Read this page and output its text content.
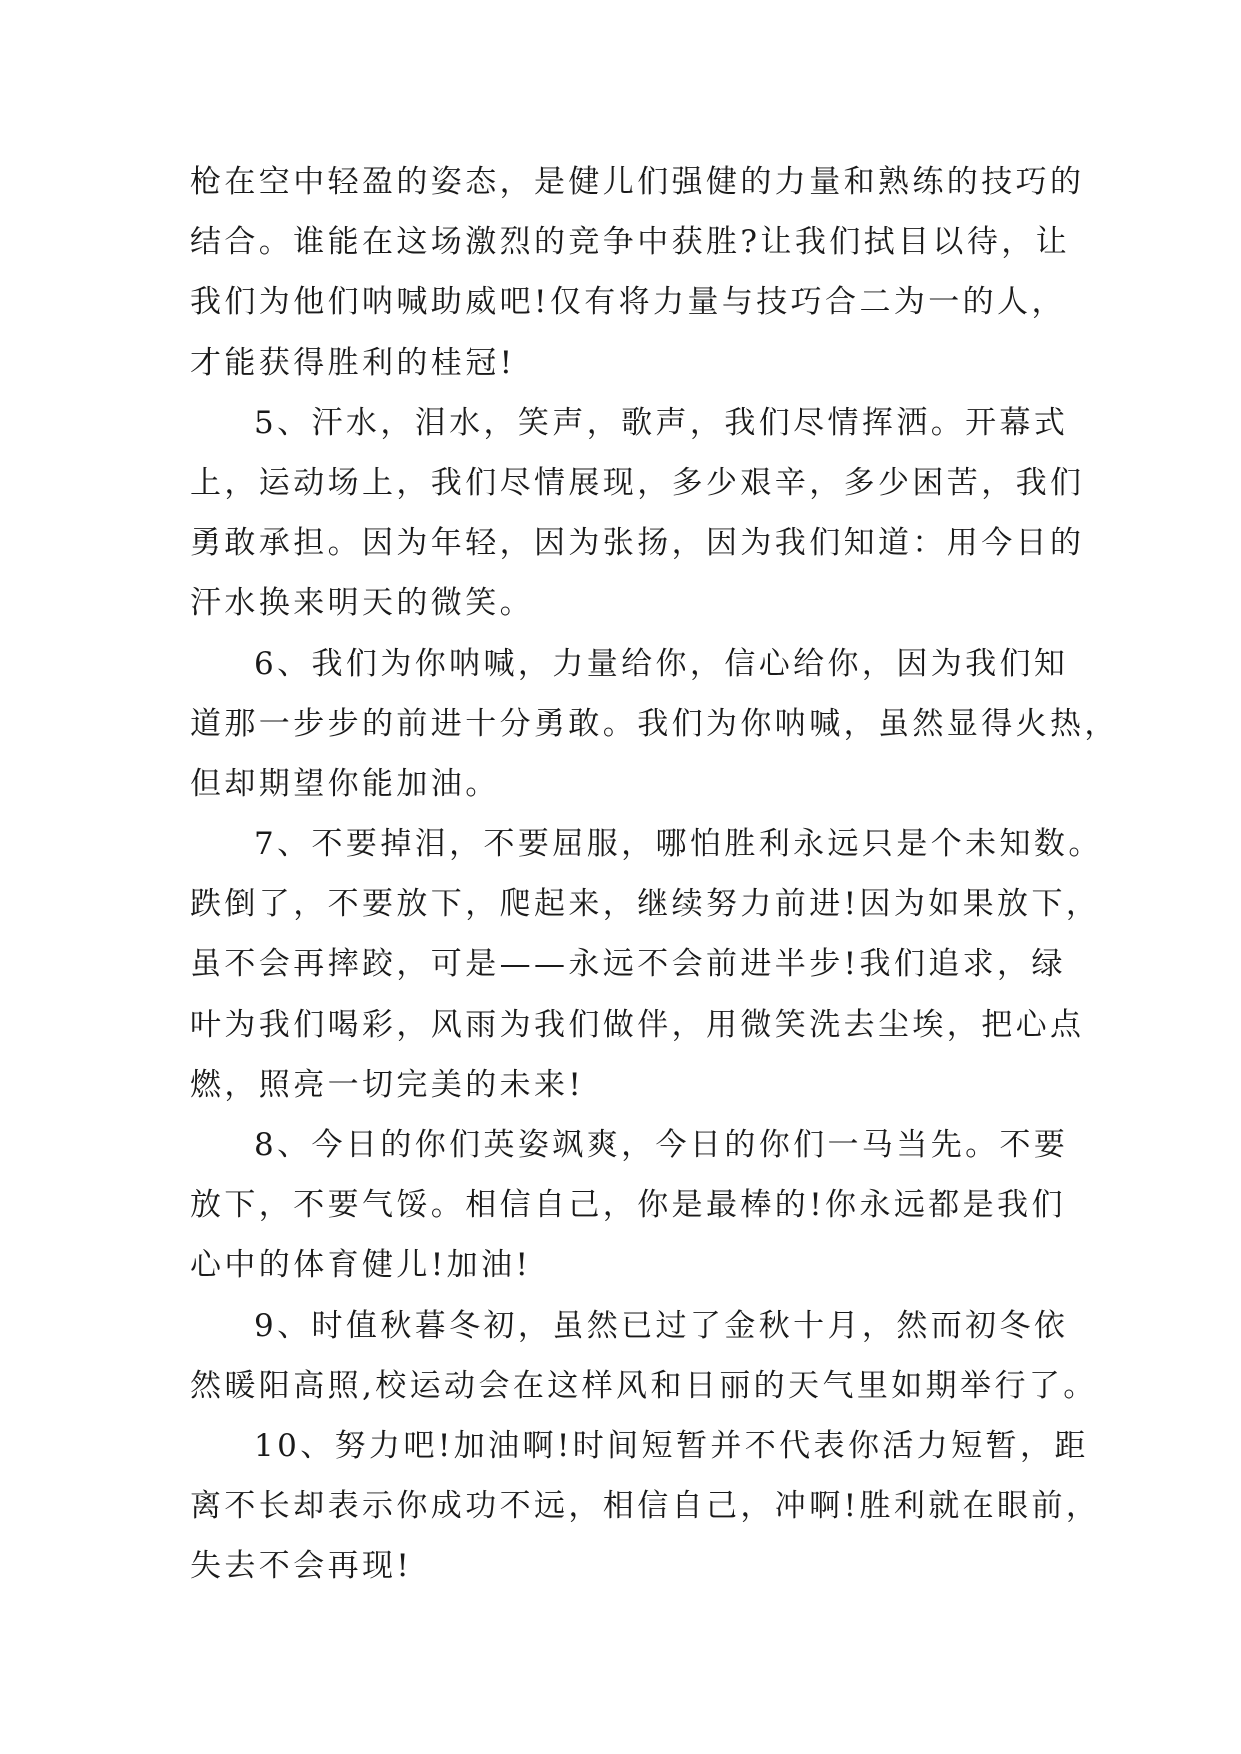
枪在空中轻盈的姿态，是健儿们强健的力量和熟练的技巧的
结合。谁能在这场激烈的竞争中获胜?让我们拭目以待，让
我们为他们呐喊助威吧!仅有将力量与技巧合二为一的人，
才能获得胜利的桂冠!
5、汗水，泪水，笑声，歌声，我们尽情挥洒。开幕式
上，运动场上，我们尽情展现，多少艰辛，多少困苦，我们
勇敢承担。因为年轻，因为张扬，因为我们知道：用今日的
汗水换来明天的微笑。
6、我们为你呐喊，力量给你，信心给你，因为我们知
道那一步步的前进十分勇敢。我们为你呐喊，虽然显得火热，
但却期望你能加油。
7、不要掉泪，不要屈服，哪怕胜利永远只是个未知数。
跌倒了，不要放下，爬起来，继续努力前进!因为如果放下，
虽不会再摔跤，可是——永远不会前进半步!我们追求，绿
叶为我们喝彩，风雨为我们做伴，用微笑洗去尘埃，把心点
燃，照亮一切完美的未来!
8、今日的你们英姿飒爽，今日的你们一马当先。不要
放下，不要气馁。相信自己，你是最棒的!你永远都是我们
心中的体育健儿!加油!
9、时值秋暮冬初，虽然已过了金秋十月，然而初冬依
然暖阳高照,校运动会在这样风和日丽的天气里如期举行了。
10、努力吧!加油啊!时间短暂并不代表你活力短暂，距
离不长却表示你成功不远，相信自己，冲啊!胜利就在眼前，
失去不会再现!
